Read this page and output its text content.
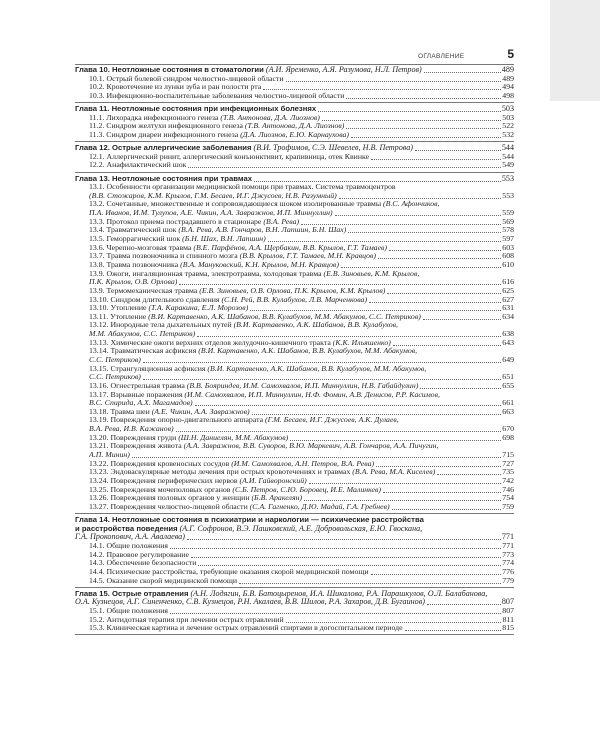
ОГЛАВЛЕНИЕ	5
Глава 10. Неотложные состояния в стоматологии (А.И. Яременко, А.Я. Разумова, Н.Л. Петров)	489
10.1. Острый болевой синдром челюстно-лицевой области	489
10.2. Кровотечение из лунки зуба и ран полости рта	494
10.3. Инфекционно-воспалительные заболевания челюстно-лицевой области	498
Глава 11. Неотложные состояния при инфекционных болезнях	503
11.1. Лихорадка инфекционного генеза (Т.В. Антонова, Д.А. Лиознов)	503
11.2. Синдром желтухи инфекционного генеза (Т.В. Антонова, Д.А. Лиознов)	522
11.3. Синдром диареи инфекционного генеза (Д.А. Лиознов, Е.Ю. Карнаухова)	532
Глава 12. Острые аллергические заболевания (В.И. Трофимов, С.Э. Шевелев, Н.В. Петрова)	544
12.1. Аллергический ринит, аллергический конъюнктивит, крапивница, отек Квинке	544
12.2. Анафилактический шок	549
Глава 13. Неотложные состояния при травмах	553
13.1. Особенности организации медицинской помощи при травмах. Система травмоцентров
(В.В. Стожаров, К.М. Крылов, Г.М. Бесаев, И.Г. Джусоев, Н.В. Разумный)	553
13.2. Сочетанные, множественные и сопровождающиеся шоком изолированные травмы (В.С. Афончиков,
П.А. Иванов, И.М. Тулупов, А.Е. Чикин, А.А. Завражнов, И.П. Миннуллин)	559
13.3. Протокол приема пострадавшего в стационаре (В.А. Рева)	569
13.4. Травматический шок (В.А. Рева, А.В. Гончаров, В.Н. Лапшин, Б.Н. Шах)	578
13.5. Геморрагический шок (Б.Н. Шах, В.Н. Лапшин)	597
13.6. Черепно-мозговая травма (В.Е. Парфёнов, А.А. Щербакин, В.В. Крылов, Г.Т. Тамаев)	603
13.7. Травма позвоночника и спинного мозга (В.В. Крылов, Г.Т. Тамаев, М.Н. Кравцов)	608
13.8. Травма позвоночника (В.А. Мануковский, К.Н. Крылов, М.Н. Кравцов)	610
13.9. Ожоги, ингаляционная травма, электротравма, холодовая травма (Е.В. Зиновьев, К.М. Крылов,
П.К. Крылов, О.В. Орлова)	616
13.9. Термомеханическая травма (Е.В. Зиновьев, О.В. Орлова, П.К. Крылов, К.М. Крылов)	625
13.10. Синдром длительного сдавления (С.Н. Рей, В.В. Кулабухов, Л.В. Марченкова)	627
13.10. Утопление (Т.А. Каракина, Е.Л. Морозов)	631
13.11. Утопление (В.И. Картавенко, А.К. Шабанов, В.В. Кулабухов, М.М. Абакумов, С.С. Петриков)	634
13.12. Инородные тела дыхательных путей (В.И. Картавенко, А.К. Шабанов, В.В. Кулабухов,
М.М. Абакумов, С.С. Петриков)	638
13.13. Химические ожоги верхних отделов желудочно-кишечного тракта (К.К. Ильяшенко)	643
13.14. Травматическая асфиксия (В.И. Картавенко, А.К. Шабанов, В.В. Кулабухов, М.М. Абакумов,
С.С. Петриков)	649
13.15. Странгуляционная асфиксия (В.И. Картавенко, А.К. Шабанов, В.В. Кулабухов, М.М. Абакумов,
С.С. Петриков)	651
13.16. Огнестрельная травма (В.В. Бояриндев, И.М. Самохвалов, И.П. Миннуллин, Н.В. Габайдулин)	655
13.17. Взрывные поражения (И.М. Самохвалов, И.П. Миннуллин, Н.Ф. Фомин, А.В. Денисов, Р.Р. Касимов,
В.С. Спирида, А.Х. Магамадов)	661
13.18. Травма шеи (А.Е. Чикин, А.А. Завражнов)	663
13.19. Повреждения опорно-двигательного аппарата (Г.М. Бесаев, И.Г. Джусоев, А.К. Дулаев,
В.А. Рева, И.В. Кажанов)	670
13.20. Повреждения груди (Ш.Н. Даниелян, М.М. Абакумов)	698
13.21. Повреждения живота (А.А. Завражнов, В.В. Суворов, В.Ю. Маркевич, А.В. Гончаров, А.А. Пичугин,
А.П. Минин)	715
13.22. Повреждения кровеносных сосудов (И.М. Самохвалов, А.Н. Петров, В.А. Рева)	727
13.23. Эндоваскулярные методы лечения при острых кровотечениях и травмах (В.А. Рева, М.А. Киселев)	735
13.24. Повреждения периферических нервов (А.И. Гайворонский)	742
13.25. Повреждения мочеполовых органов (С.Б. Петров, С.Ю. Боровец, И.Е. Малинкев)	746
13.26. Повреждения половых органов у женщин (Б.В. Аракелян)	754
13.27. Повреждения челюстно-лицевой области (С.А. Гагненко, Д.Ю. Мадай, Г.А. Гребнев)	759
Глава 14. Неотложные состояния в психиатрии и наркологии — психические расстройства
и расстройства поведения (А.Г. Софронов, В.Э. Пашковский, А.Е. Добровольская, Е.Ю. Гвоскана,
Г.А. Прокопович, А.А. Авалаева)	771
14.1. Общие положения	771
14.2. Правовое регулирование	773
14.3. Обеспечение безопасности	774
14.4. Психические расстройства, требующие оказания скорой медицинской помощи	776
14.5. Оказание скорой медицинской помощи	779
Глава 15. Острые отравления (А.Н. Лодягин, Б.В. Батоцыренов, И.А. Шикалова, Р.А. Парашкулов, О.Л. Балабанова,
О.А. Кузнецов, А.Г. Синенченко, С.В. Кузнецов, Р.Н. Акалаев, В.В. Шилов, Р.А. Захаров, Д.В. Бугаинов)	807
15.1. Общие положения	807
15.2. Антидотная терапия при лечении острых отравлений	811
15.3. Клиническая картина и лечение острых отравлений спиртами в догоспитальном периоде	815
